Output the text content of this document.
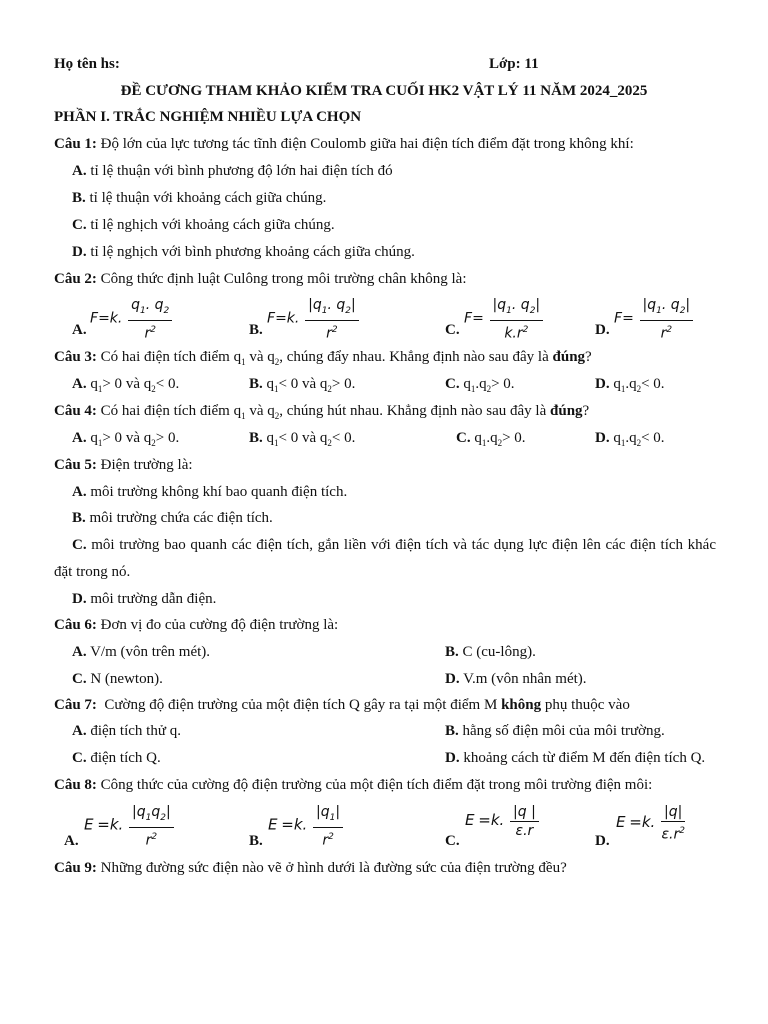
Họ tên hs:	Lớp: 11
ĐỀ CƯƠNG THAM KHẢO KIỂM TRA CUỐI HK2 VẬT LÝ 11 NĂM 2024_2025
PHẦN I. TRẮC NGHIỆM NHIỀU LỰA CHỌN
Câu 1: Độ lớn của lực tương tác tĩnh điện Coulomb giữa hai điện tích điểm đặt trong không khí:
A. tỉ lệ thuận với bình phương độ lớn hai điện tích đó
B. tỉ lệ thuận với khoảng cách giữa chúng.
C. tỉ lệ nghịch với khoảng cách giữa chúng.
D. tỉ lệ nghịch với bình phương khoảng cách giữa chúng.
Câu 2: Công thức định luật Culông trong môi trường chân không là:
A.
F=k. $\frac{q_1. q_2}{r^2}$	B.
F=k. $\frac{|q_1. q_2|}{r^2}$	C.
$F= \frac{|q_1. q_2|}{k.r^2}$	D.
$F= \frac{|q_1. q_2|}{r^2}$
Câu 3: Có hai điện tích điểm $q_1$ và $q_2$, chúng đẩy nhau. Khẳng định nào sau đây là đúng?
A. $q_1> 0$ và $q_2< 0$.	B. $q_1< 0$ và $q_2> 0$.	C. $q_1.q_2> 0$.	D. $q_1.q_2< 0$.
Câu 4: Có hai điện tích điểm $q_1$ và $q_2$, chúng hút nhau. Khẳng định nào sau đây là đúng?
A. $q_1> 0$ và $q_2> 0$.	B. $q_1< 0$ và $q_2< 0$.	C. $q_1.q_2> 0$.	D. $q_1.q_2< 0$.
Câu 5: Điện trường là:
A. môi trường không khí bao quanh điện tích.
B. môi trường chứa các điện tích.
C. môi trường bao quanh các điện tích, gắn liền với điện tích và tác dụng lực điện lên các điện tích khác
đặt trong nó.
D. môi trường dẫn điện.
Câu 6: Đơn vị đo của cường độ điện trường là:
A. V/m (vôn trên mét).	B. C (cu-lông).
C. N (newton).	D. V.m (vôn nhân mét).
Câu 7: Cường độ điện trường của một điện tích Q gây ra tại một điểm M không phụ thuộc vào
A. điện tích thử q.	B. hằng số điện môi của môi trường.
C. điện tích Q.	D. khoảng cách từ điểm M đến điện tích Q.
Câu 8: Công thức của cường độ điện trường của một điện tích điểm đặt trong môi trường điện môi:
A.
E =k. $\frac{|q_1q_2|}{r^2}$	B.
E =k. $\frac{|q_1|}{r^2}$	C.
E =k. $\frac{|q |}{\varepsilon.r}$
D.
E =k. $\frac{|q|}{\varepsilon.r^2}$
Câu 9: Những đường sức điện nào vẽ ở hình dưới là đường sức của điện trường đều?
